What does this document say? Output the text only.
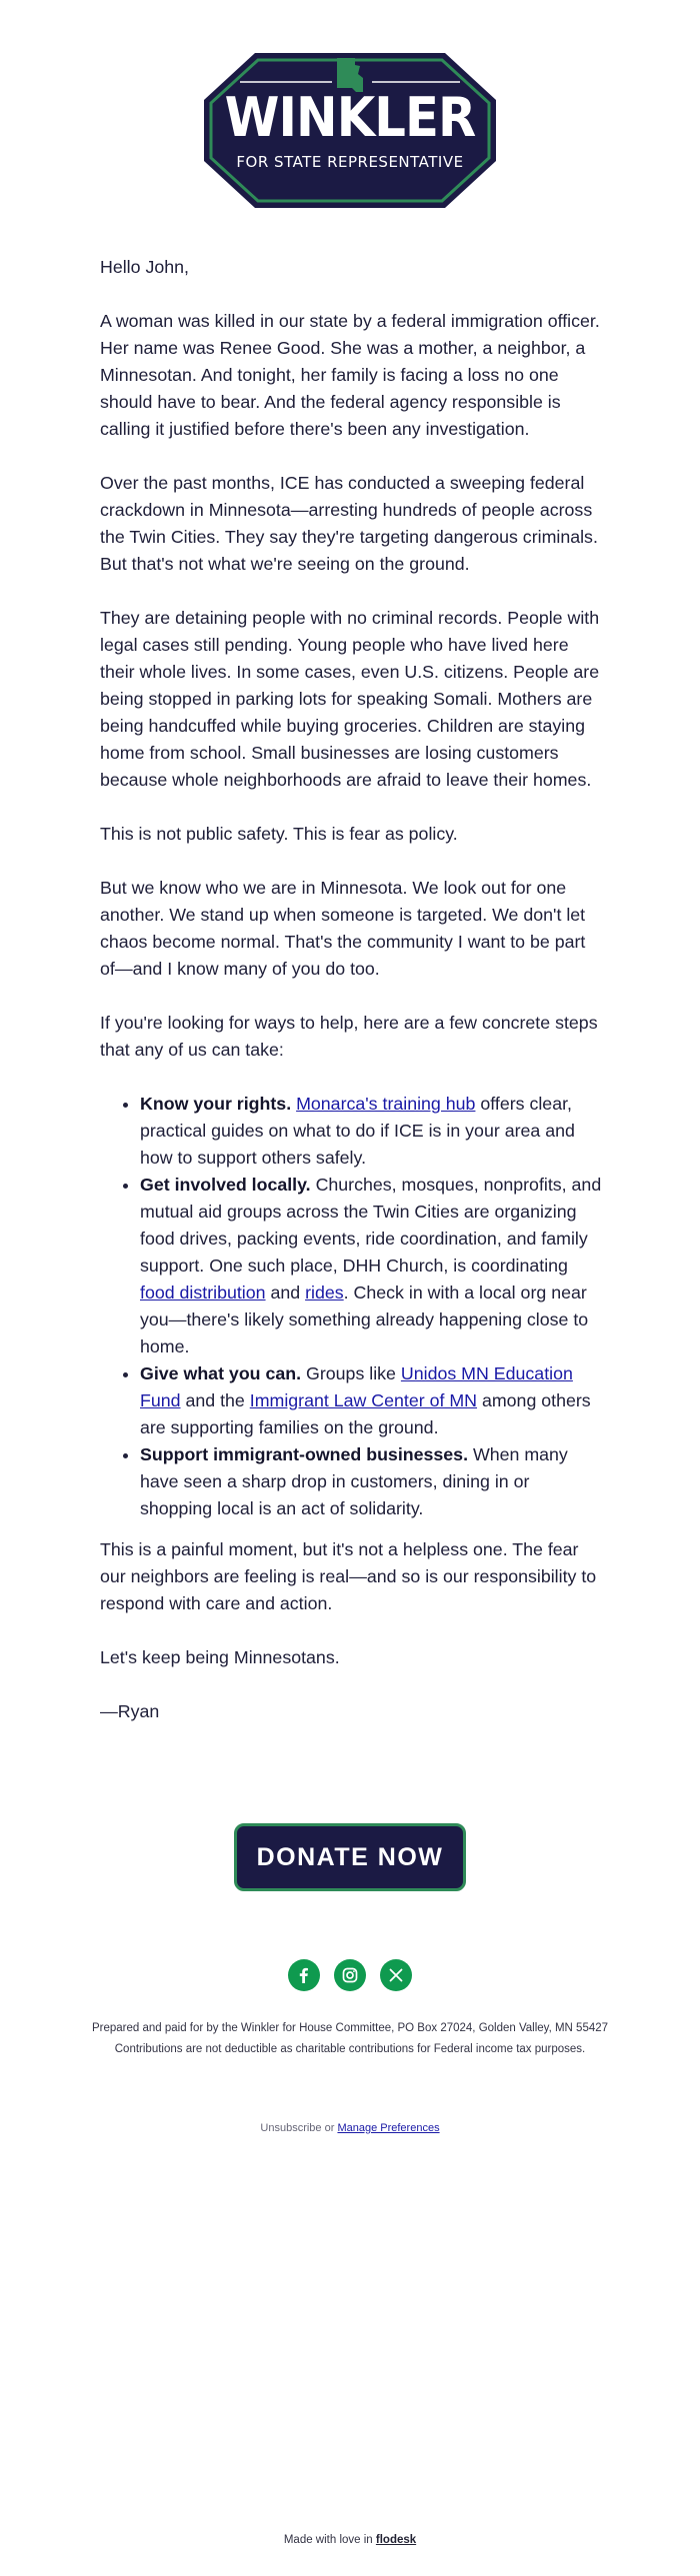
WINKLER
FOR STATE REPRESENTATIVE

Hello John,

A woman was killed in our state by a federal immigration officer. Her name was Renee Good. She was a mother, a neighbor, a Minnesotan. And tonight, her family is facing a loss no one should have to bear. And the federal agency responsible is calling it justified before there's been any investigation.

Over the past months, ICE has conducted a sweeping federal crackdown in Minnesota—arresting hundreds of people across the Twin Cities. They say they're targeting dangerous criminals. But that's not what we're seeing on the ground.

They are detaining people with no criminal records. People with legal cases still pending. Young people who have lived here their whole lives. In some cases, even U.S. citizens. People are being stopped in parking lots for speaking Somali. Mothers are being handcuffed while buying groceries. Children are staying home from school. Small businesses are losing customers because whole neighborhoods are afraid to leave their homes.

This is not public safety. This is fear as policy.

But we know who we are in Minnesota. We look out for one another. We stand up when someone is targeted. We don't let chaos become normal. That's the community I want to be part of—and I know many of you do too.

If you're looking for ways to help, here are a few concrete steps that any of us can take:

• Know your rights. Monarca's training hub offers clear, practical guides on what to do if ICE is in your area and how to support others safely.
• Get involved locally. Churches, mosques, nonprofits, and mutual aid groups across the Twin Cities are organizing food drives, packing events, ride coordination, and family support. One such place, DHH Church, is coordinating food distribution and rides. Check in with a local org near you—there's likely something already happening close to home.
• Give what you can. Groups like Unidos MN Education Fund and the Immigrant Law Center of MN among others are supporting families on the ground.
• Support immigrant-owned businesses. When many have seen a sharp drop in customers, dining in or shopping local is an act of solidarity.

This is a painful moment, but it's not a helpless one. The fear our neighbors are feeling is real—and so is our responsibility to respond with care and action.

Let's keep being Minnesotans.

—Ryan

DONATE NOW

Prepared and paid for by the Winkler for House Committee, PO Box 27024, Golden Valley, MN 55427
Contributions are not deductible as charitable contributions for Federal income tax purposes.
Unsubscribe or Manage Preferences
Made with love in flodesk
